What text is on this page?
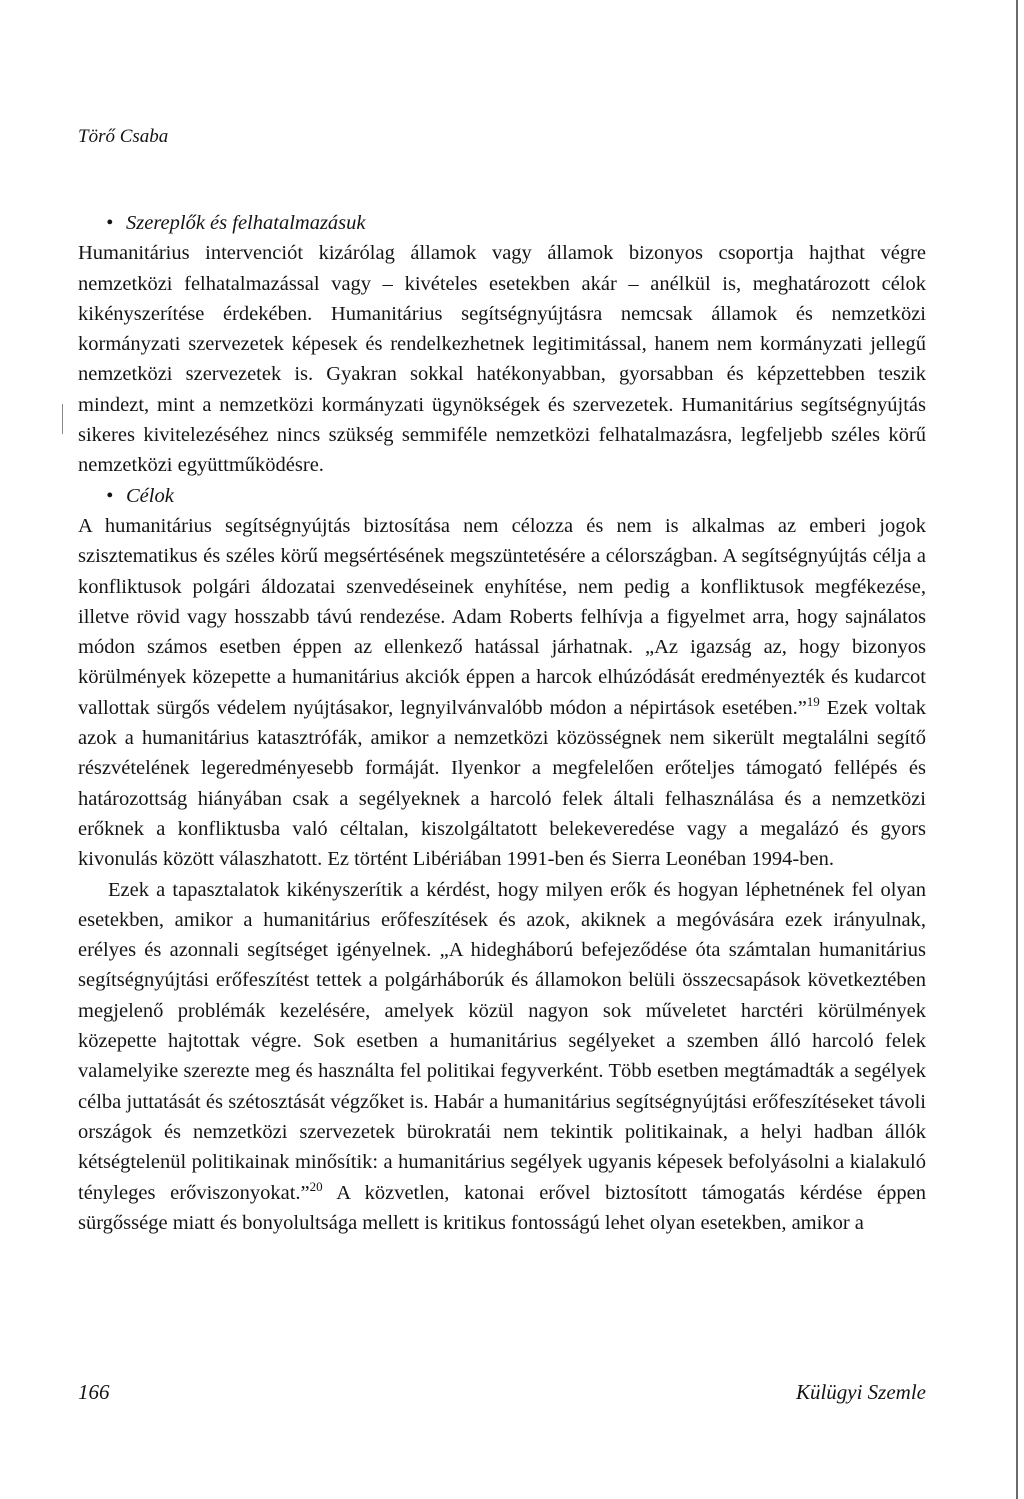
Törő Csaba

• Szereplők és felhatalmazásuk

Humanitárius intervenciót kizárólag államok vagy államok bizonyos csoportja hajthat végre nemzetközi felhatalmazással vagy – kivételes esetekben akár – anélkül is, meghatározott célok kikényszerítése érdekében. Humanitárius segítségnyújtásra nemcsak államok és nemzetközi kormányzati szervezetek képesek és rendelkezhetnek legitimitással, hanem nem kormányzati jellegű nemzetközi szervezetek is. Gyakran sokkal hatékonyabban, gyorsabban és képzettebben teszik mindezt, mint a nemzetközi kormányzati ügynökségek és szervezetek. Humanitárius segítségnyújtás sikeres kivitelezéséhez nincs szükség semmiféle nemzetközi felhatalmazásra, legfeljebb széles körű nemzetközi együttműködésre.

• Célok

A humanitárius segítségnyújtás biztosítása nem célozza és nem is alkalmas az emberi jogok szisztematikus és széles körű megsértésének megszüntetésére a célországban. A segítségnyújtás célja a konfliktusok polgári áldozatai szenvedéseinek enyhítése, nem pedig a konfliktusok megfékezése, illetve rövid vagy hosszabb távú rendezése. Adam Roberts felhívja a figyelmet arra, hogy sajnálatos módon számos esetben éppen az ellenkező hatással járhatnak. „Az igazság az, hogy bizonyos körülmények közepette a humanitárius akciók éppen a harcok elhúzódását eredményezték és kudarcot vallottak sürgős védelem nyújtásakor, legnyilvánvalóbb módon a népirtások esetében.”$^{19}$ Ezek voltak azok a humanitárius katasztrófák, amikor a nemzetközi közösségnek nem sikerült megtalálni segítő részvételének legeredményesebb formáját. Ilyenkor a megfelelően erőteljes támogató fellépés és határozottság hiányában csak a segélyeknek a harcoló felek általi felhasználása és a nemzetközi erőknek a konfliktusba való céltalan, kiszolgáltatott belekeveredése vagy a megalázó és gyors kivonulás között válaszhatott. Ez történt Libériában 1991-ben és Sierra Leonéban 1994-ben.

Ezek a tapasztalatok kikényszerítik a kérdést, hogy milyen erők és hogyan léphetnének fel olyan esetekben, amikor a humanitárius erőfeszítések és azok, akiknek a megóvására ezek irányulnak, erélyes és azonnali segítséget igényelnek. „A hidegháború befejeződése óta számtalan humanitárius segítségnyújtási erőfeszítést tettek a polgárháborúk és államokon belüli összecsapások következtében megjelenő problémák kezelésére, amelyek közül nagyon sok műveletet harctéri körülmények közepette hajtottak végre. Sok esetben a humanitárius segélyeket a szemben álló harcoló felek valamelyike szerezte meg és használta fel politikai fegyverként. Több esetben megtámadták a segélyek célba juttatását és szétosztását végzőket is. Habár a humanitárius segítségnyújtási erőfeszítéseket távoli országok és nemzetközi szervezetek bürokratái nem tekintik politikainak, a helyi hadban állók kétségtelenül politikainak minősítik: a humanitárius segélyek ugyanis képesek befolyásolni a kialakuló tényleges erőviszonyokat.”$^{20}$ A közvetlen, katonai erővel biztosított támogatás kérdése éppen sürgőssége miatt és bonyolultsága mellett is kritikus fontosságú lehet olyan esetekben, amikor a

166	Külügyi Szemle
